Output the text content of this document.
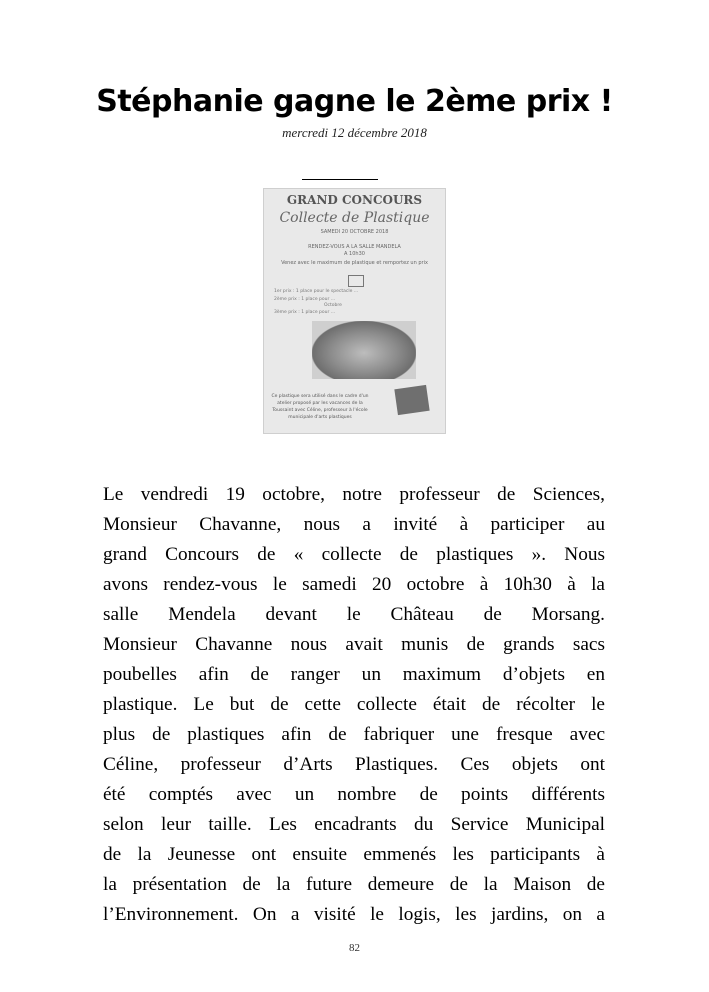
Stéphanie gagne le 2ème prix !
mercredi 12 décembre 2018
GRAND CONCOURS
Collecte de Plastique
SAMEDI 20 OCTOBRE 2018
RENDEZ-VOUS A LA SALLE MANDELA
A 10h30
Venez avec le maximum de plastique et remportez un prix
1er prix : 1 place pour le spectacle ...
2ème prix : 1 place pour ...
Octobre
3ème prix : 1 place pour ...
Ce plastique sera utilisé dans le cadre d'un atelier proposé par les vacances de la Toussaint avec Céline, professeur à l'école municipale d'arts plastiques
Le vendredi 19 octobre, notre professeur de Sciences,
Monsieur Chavanne, nous a invité à participer au
grand Concours de « collecte de plastiques ». Nous
avons rendez-vous le samedi 20 octobre à 10h30 à la
salle Mendela devant le Château de Morsang.
Monsieur Chavanne nous avait munis de grands sacs
poubelles afin de ranger un maximum d’objets en
plastique. Le but de cette collecte était de récolter le
plus de plastiques afin de fabriquer une fresque avec
Céline, professeur d’Arts Plastiques. Ces objets ont
été comptés avec un nombre de points différents
selon leur taille. Les encadrants du Service Municipal
de la Jeunesse ont ensuite emmenés les participants à
la présentation de la future demeure de la Maison de
l’Environnement. On a visité le logis, les jardins, on a
82
